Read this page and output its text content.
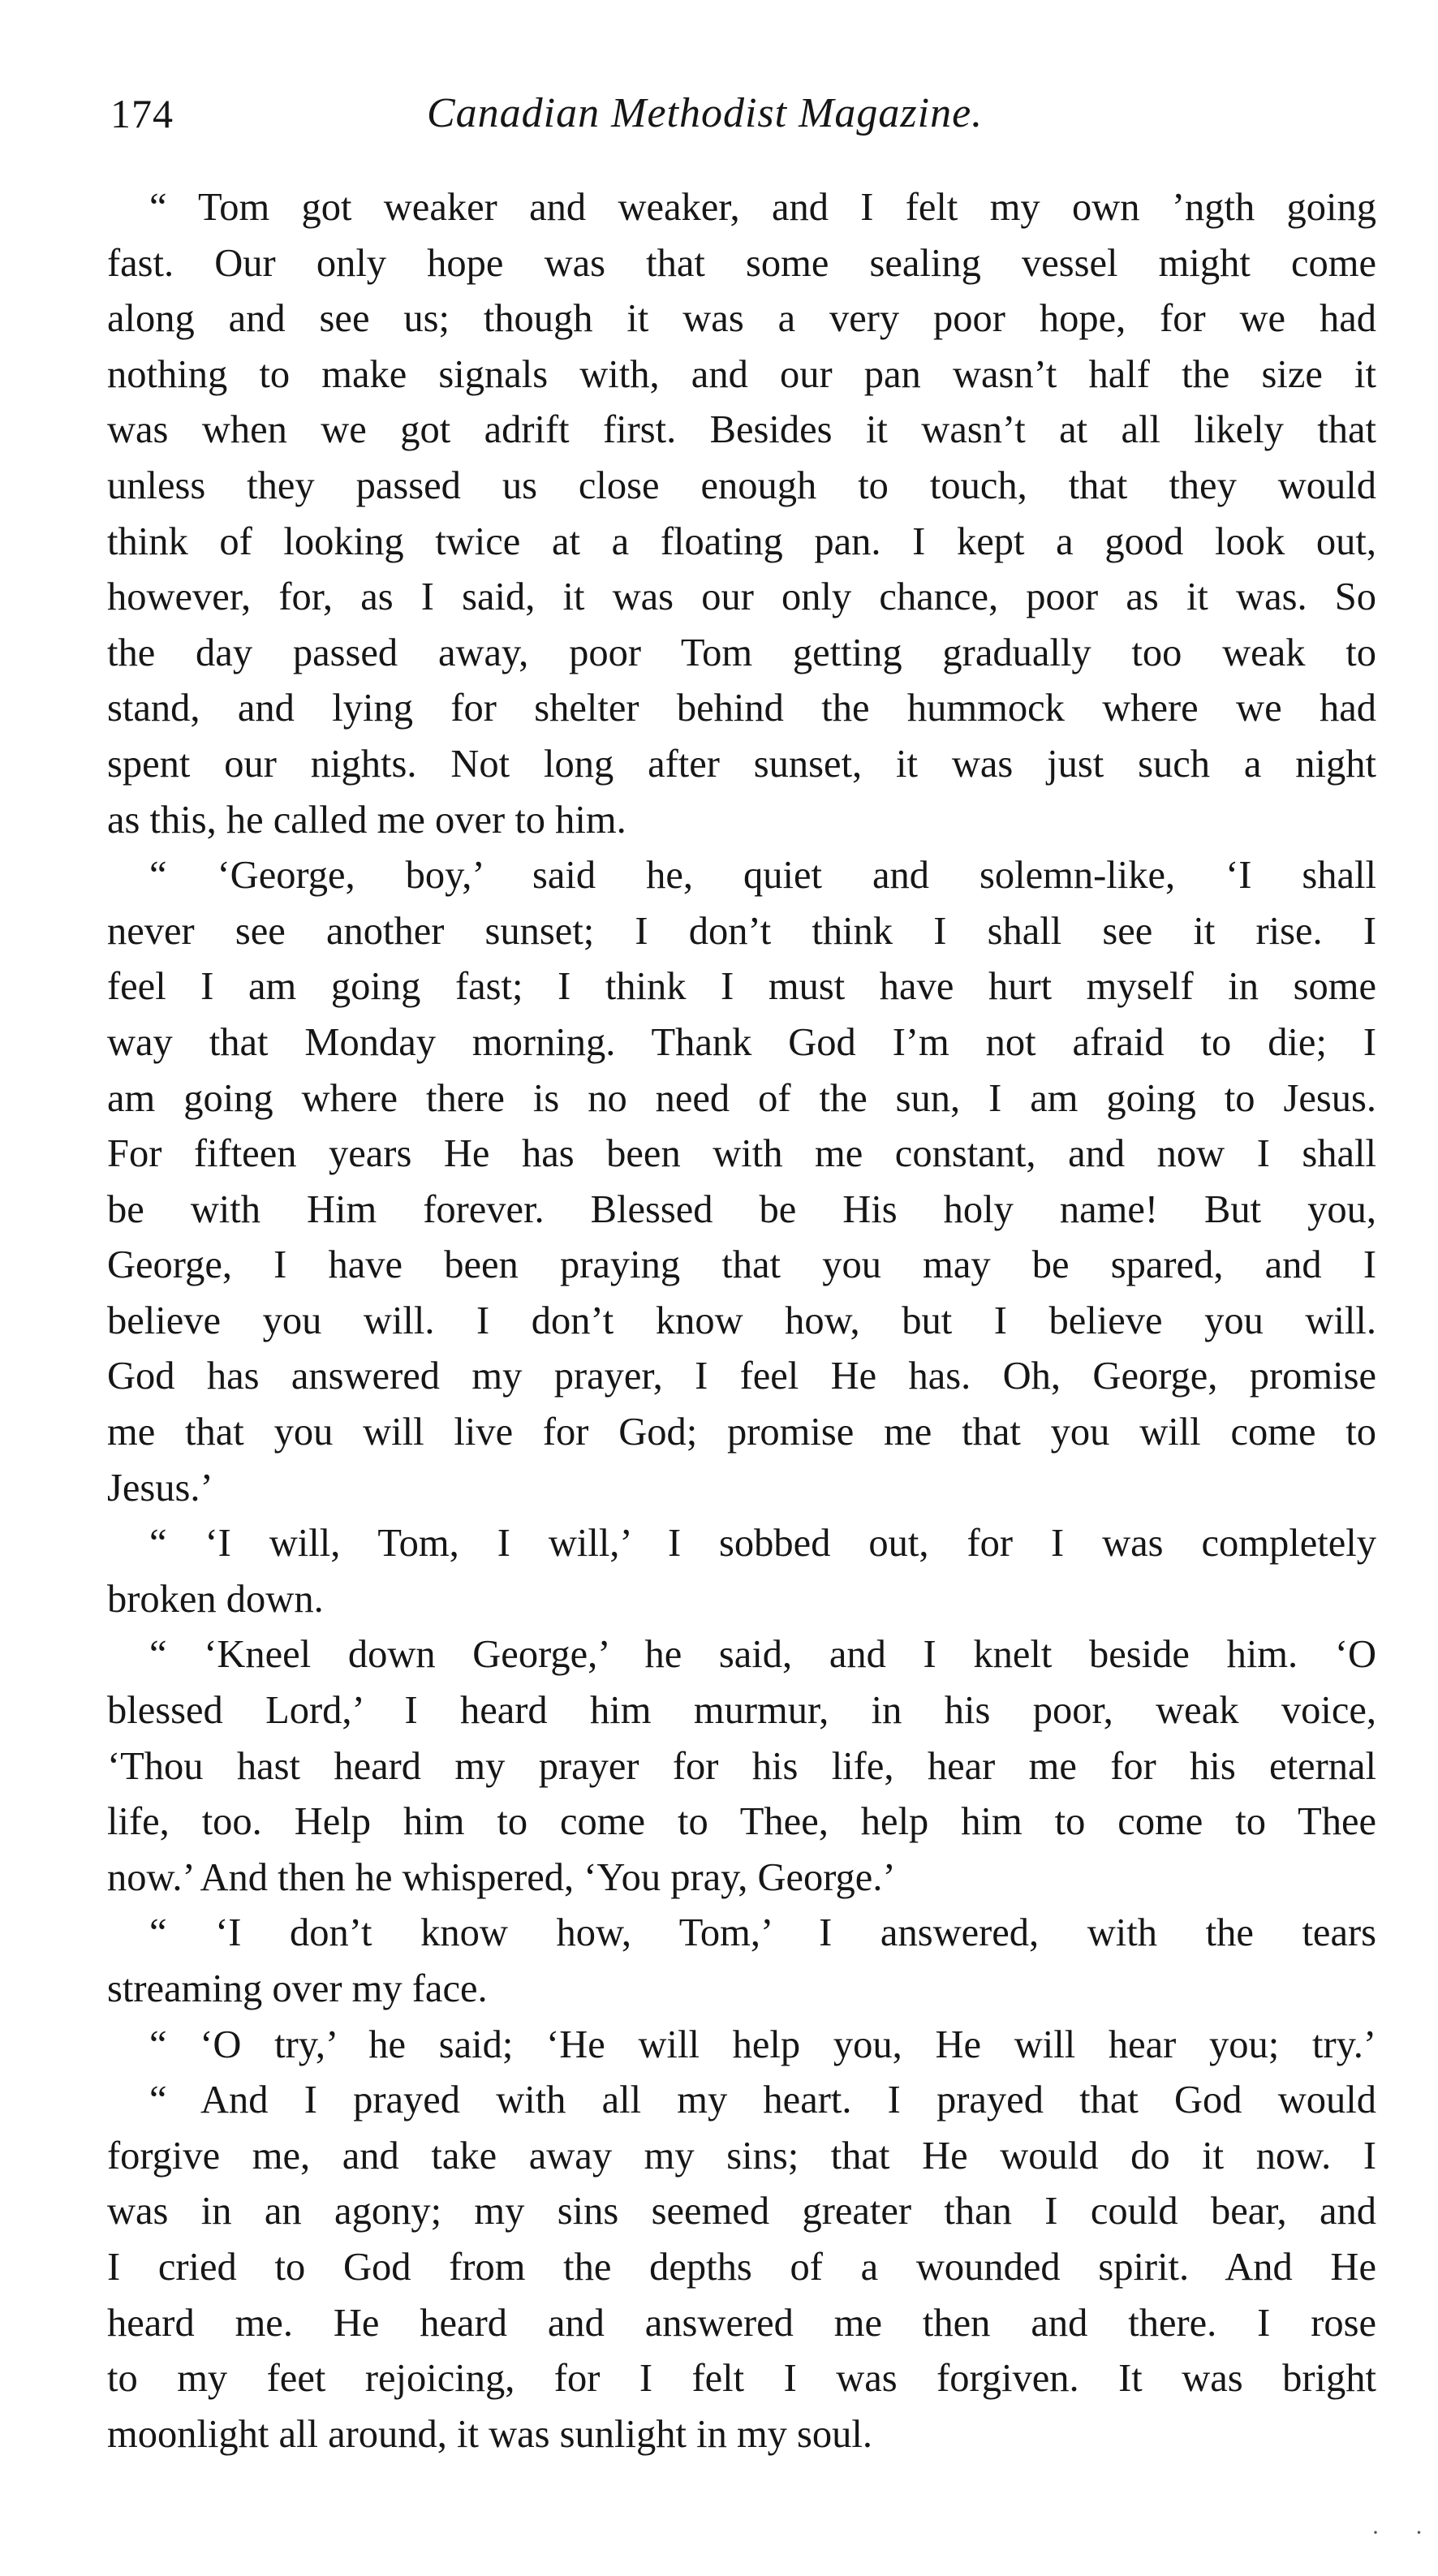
174	Canadian Methodist Magazine.
“ Tom got weaker and weaker, and I felt my own ’ngth going
fast. Our only hope was that some sealing vessel might come
along and see us; though it was a very poor hope, for we had
nothing to make signals with, and our pan wasn’t half the size it
was when we got adrift first. Besides it wasn’t at all likely that
unless they passed us close enough to touch, that they would
think of looking twice at a floating pan. I kept a good look out,
however, for, as I said, it was our only chance, poor as it was. So
the day passed away, poor Tom getting gradually too weak to
stand, and lying for shelter behind the hummock where we had
spent our nights. Not long after sunset, it was just such a night
as this, he called me over to him.
“ ‘George, boy,’ said he, quiet and solemn-like, ‘I shall
never see another sunset; I don’t think I shall see it rise. I
feel I am going fast; I think I must have hurt myself in some
way that Monday morning. Thank God I’m not afraid to die; I
am going where there is no need of the sun, I am going to Jesus.
For fifteen years He has been with me constant, and now I shall
be with Him forever. Blessed be His holy name! But you,
George, I have been praying that you may be spared, and I
believe you will. I don’t know how, but I believe you will.
God has answered my prayer, I feel He has. Oh, George, promise
me that you will live for God; promise me that you will come to
Jesus.’
“ ‘I will, Tom, I will,’ I sobbed out, for I was completely
broken down.
“ ‘Kneel down George,’ he said, and I knelt beside him. ‘O
blessed Lord,’ I heard him murmur, in his poor, weak voice,
‘Thou hast heard my prayer for his life, hear me for his eternal
life, too. Help him to come to Thee, help him to come to Thee
now.’ And then he whispered, ‘You pray, George.’
“ ‘I don’t know how, Tom,’ I answered, with the tears
streaming over my face.
“ ‘O try,’ he said; ‘He will help you, He will hear you; try.’
“ And I prayed with all my heart. I prayed that God would
forgive me, and take away my sins; that He would do it now. I
was in an agony; my sins seemed greater than I could bear, and
I cried to God from the depths of a wounded spirit. And He
heard me. He heard and answered me then and there. I rose
to my feet rejoicing, for I felt I was forgiven. It was bright
moonlight all around, it was sunlight in my soul.
· ·
